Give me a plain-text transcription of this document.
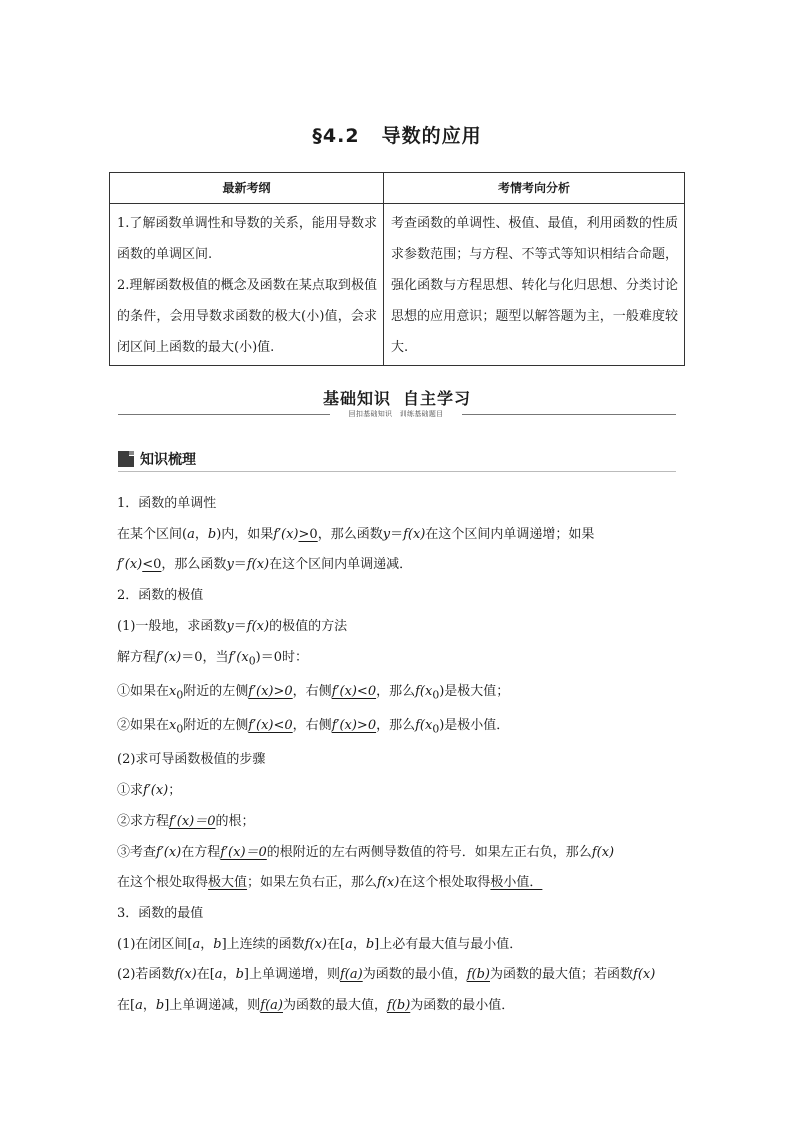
§4.2 导数的应用
最新考纲	考情考向分析

1.了解函数单调性和导数的关系，能用导数求函数的单调区间.

2.理解函数极值的概念及函数在某点取到极值的条件，会用导数求函数的极大(小)值，会求闭区间上函数的最大(小)值.	考查函数的单调性、极值、最值，利用函数的性质求参数范围；与方程、不等式等知识相结合命题，强化函数与方程思想、转化与化归思想、分类讨论思想的应用意识；题型以解答题为主，一般难度较大.

基础知识 自主学习
回扣基础知识　训练基础题目
知识梳理

1．函数的单调性

在某个区间(a，b)内，如果f′(x)>0，那么函数y＝f(x)在这个区间内单调递增；如果

f′(x)<0，那么函数y＝f(x)在这个区间内单调递减．

2．函数的极值

(1)一般地，求函数y＝f(x)的极值的方法

解方程f′(x)＝0，当$f'(x_0)=0$时：

①如果在$x_0$附近的左侧f′(x)>0，右侧f′(x)<0，那么$f(x_0)$是极大值；

②如果在$x_0$附近的左侧f′(x)<0，右侧f′(x)>0，那么$f(x_0)$是极小值．

(2)求可导函数极值的步骤

①求f′(x)；

②求方程f′(x)＝0的根；

③考查f′(x)在方程f′(x)＝0的根附近的左右两侧导数值的符号．如果左正右负，那么f(x)

在这个根处取得极大值；如果左负右正，那么f(x)在这个根处取得极小值．

3．函数的最值

(1)在闭区间[a，b]上连续的函数f(x)在[a，b]上必有最大值与最小值．

(2)若函数f(x)在[a，b]上单调递增，则f(a)为函数的最小值，f(b)为函数的最大值；若函数f(x)

在[a，b]上单调递减，则f(a)为函数的最大值，f(b)为函数的最小值．
